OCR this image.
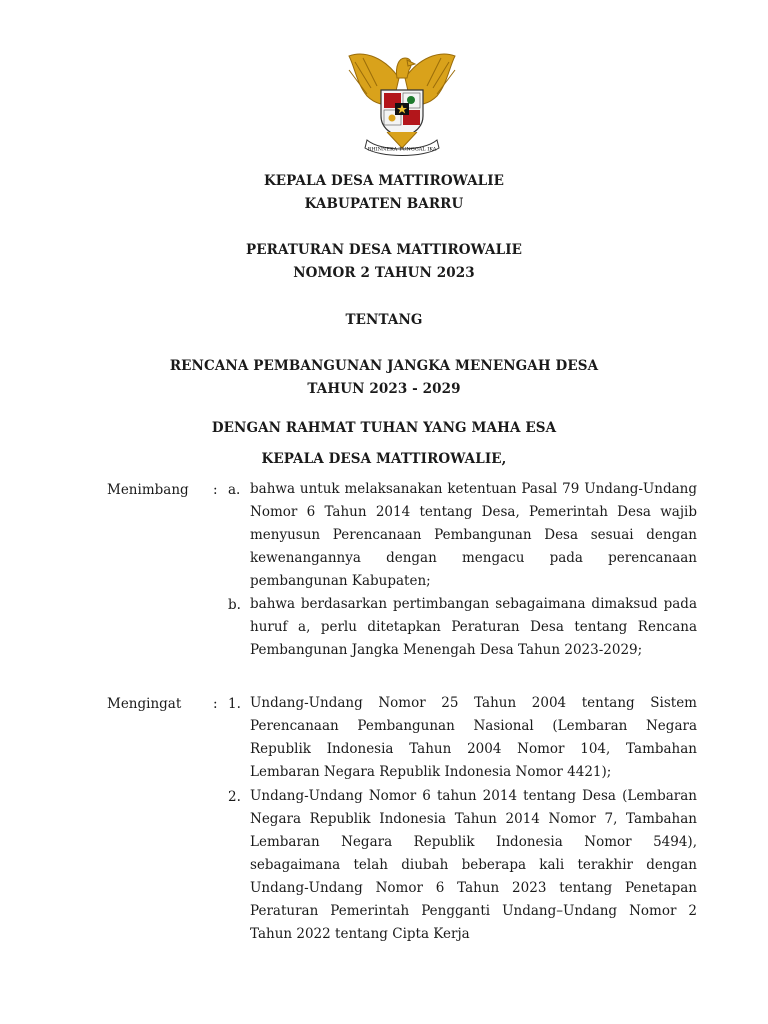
BHINNEKA TUNGGAL IKA
KEPALA DESA MATTIROWALIE
KABUPATEN BARRU
PERATURAN DESA MATTIROWALIE
NOMOR 2 TAHUN 2023
TENTANG
RENCANA PEMBANGUNAN JANGKA MENENGAH DESA
TAHUN 2023 - 2029
DENGAN RAHMAT TUHAN YANG MAHA ESA
KEPALA DESA MATTIROWALIE,
Menimbang : a. bahwa untuk melaksanakan ketentuan Pasal 79 Undang-Undang Nomor 6 Tahun 2014 tentang Desa, Pemerintah Desa wajib menyusun Perencanaan Pembangunan Desa sesuai dengan kewenangannya dengan mengacu pada perencanaan pembangunan Kabupaten;
b. bahwa berdasarkan pertimbangan sebagaimana dimaksud pada huruf a, perlu ditetapkan Peraturan Desa tentang Rencana Pembangunan Jangka Menengah Desa Tahun 2023-2029;
Mengingat : 1. Undang-Undang Nomor 25 Tahun 2004 tentang Sistem Perencanaan Pembangunan Nasional (Lembaran Negara Republik Indonesia Tahun 2004 Nomor 104, Tambahan Lembaran Negara Republik Indonesia Nomor 4421);
2. Undang-Undang Nomor 6 tahun 2014 tentang Desa (Lembaran Negara Republik Indonesia Tahun 2014 Nomor 7, Tambahan Lembaran Negara Republik Indonesia Nomor 5494), sebagaimana telah diubah beberapa kali terakhir dengan Undang-Undang Nomor 6 Tahun 2023 tentang Penetapan Peraturan Pemerintah Pengganti Undang–Undang Nomor 2 Tahun 2022 tentang Cipta Kerja
